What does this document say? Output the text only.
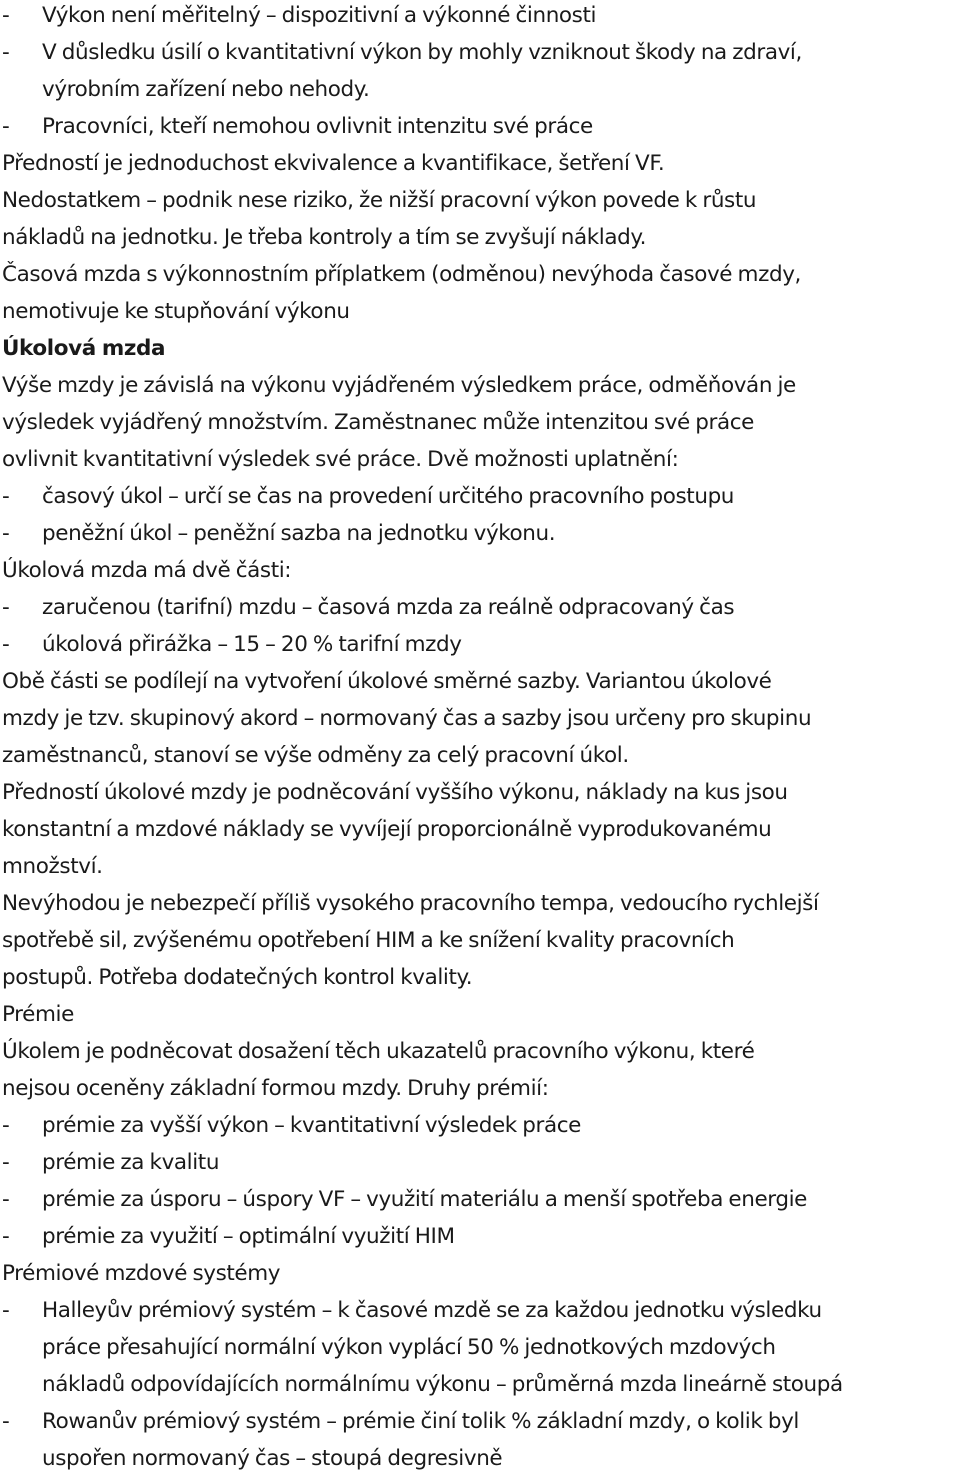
- Výkon není měřitelný – dispozitivní a výkonné činnosti
- V důsledku úsilí o kvantitativní výkon by mohly vzniknout škody na zdraví,
výrobním zařízení nebo nehody.
- Pracovníci, kteří nemohou ovlivnit intenzitu své práce
Předností je jednoduchost ekvivalence a kvantifikace, šetření VF.
Nedostatkem – podnik nese riziko, že nižší pracovní výkon povede k růstu
nákladů na jednotku. Je třeba kontroly a tím se zvyšují náklady.
Časová mzda s výkonnostním příplatkem (odměnou) nevýhoda časové mzdy,
nemotivuje ke stupňování výkonu
Úkolová mzda
Výše mzdy je závislá na výkonu vyjádřeném výsledkem práce, odměňován je
výsledek vyjádřený množstvím. Zaměstnanec může intenzitou své práce
ovlivnit kvantitativní výsledek své práce. Dvě možnosti uplatnění:
- časový úkol – určí se čas na provedení určitého pracovního postupu
- peněžní úkol – peněžní sazba na jednotku výkonu.
Úkolová mzda má dvě části:
- zaručenou (tarifní) mzdu – časová mzda za reálně odpracovaný čas
- úkolová přirážka – 15 – 20 % tarifní mzdy
Obě části se podílejí na vytvoření úkolové směrné sazby. Variantou úkolové
mzdy je tzv. skupinový akord – normovaný čas a sazby jsou určeny pro skupinu
zaměstnanců, stanoví se výše odměny za celý pracovní úkol.
Předností úkolové mzdy je podněcování vyššího výkonu, náklady na kus jsou
konstantní a mzdové náklady se vyvíjejí proporcionálně vyprodukovanému
množství.
Nevýhodou je nebezpečí příliš vysokého pracovního tempa, vedoucího rychlejší
spotřebě sil, zvýšenému opotřebení HIM a ke snížení kvality pracovních
postupů. Potřeba dodatečných kontrol kvality.
Prémie
Úkolem je podněcovat dosažení těch ukazatelů pracovního výkonu, které
nejsou oceněny základní formou mzdy. Druhy prémií:
- prémie za vyšší výkon – kvantitativní výsledek práce
- prémie za kvalitu
- prémie za úsporu – úspory VF – využití materiálu a menší spotřeba energie
- prémie za využití – optimální využití HIM
Prémiové mzdové systémy
- Halleyův prémiový systém – k časové mzdě se za každou jednotku výsledku
práce přesahující normální výkon vyplácí 50 % jednotkových mzdových
nákladů odpovídajících normálnímu výkonu – průměrná mzda lineárně stoupá
- Rowanův prémiový systém – prémie činí tolik % základní mzdy, o kolik byl
uspořen normovaný čas – stoupá degresivně
